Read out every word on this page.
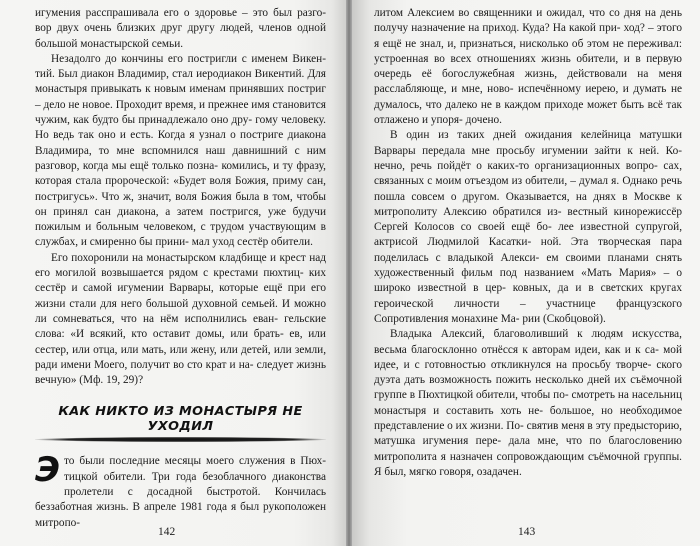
игумения расспрашивала его о здоровье – это был разго- вор двух очень близких друг другу людей, членов одной большой монастырской семьи.

Незадолго до кончины его постригли с именем Викен- тий. Был диакон Владимир, стал иеродиакон Викентий. Для монастыря привыкать к новым именам принявших постриг – дело не новое. Проходит время, и прежнее имя становится чужим, как будто бы принадлежало оно дру- гому человеку. Но ведь так оно и есть. Когда я узнал о постриге диакона Владимира, то мне вспомнился наш давнишний с ним разговор, когда мы ещё только позна- комились, и ту фразу, которая стала пророческой: «Будет воля Божия, приму сан, постригусь». Что ж, значит, воля Божия была в том, чтобы он принял сан диакона, а затем постригся, уже будучи пожилым и больным человеком, с трудом участвующим в службах, и смиренно бы прини- мал уход сестёр обители.

Его похоронили на монастырском кладбище и крест над его могилой возвышается рядом с крестами пюхтиц- ких сестёр и самой игумении Варвары, которые ещё при его жизни стали для него большой духовной семьей. И можно ли сомневаться, что на нём исполнились еван- гельские слова: «И всякий, кто оставит домы, или брать- ев, или сестер, или отца, или мать, или жену, или детей, или земли, ради имени Моего, получит во сто крат и на- следует жизнь вечную» (Мф. 19, 29)?

КАК НИКТО ИЗ МОНАСТЫРЯ НЕ УХОДИЛ

Э то были последние месяцы моего служения в Пюх- тицкой обители. Три года безоблачного диаконства пролетели с досадной быстротой. Кончилась беззаботная жизнь. В апреле 1981 года я был рукоположен митропо-

142

литом Алексием во священники и ожидал, что со дня на день получу назначение на приход. Куда? На какой при- ход? – этого я ещё не знал, и, признаться, нисколько об этом не переживал: устроенная во всех отношениях жизнь обители, и в первую очередь её богослужебная жизнь, действовали на меня расслабляюще, и мне, ново- испечённому иерею, и думать не думалось, что далеко не в каждом приходе может быть всё так отлажено и упоря- дочено.

В один из таких дней ожидания келейница матушки Варвары передала мне просьбу игумении зайти к ней. Ко- нечно, речь пойдёт о каких-то организационных вопро- сах, связанных с моим отъездом из обители, – думал я. Однако речь пошла совсем о другом. Оказывается, на днях в Москве к митрополиту Алексию обратился из- вестный кинорежиссёр Сергей Колосов со своей ещё бо- лее известной супругой, актрисой Людмилой Касатки- ной. Эта творческая пара поделилась с владыкой Алекси- ем своими планами снять художественный фильм под названием «Мать Мария» – о широко известной в цер- ковных, да и в светских кругах героической личности – участнице французского Сопротивления монахине Ма- рии (Скобцовой).

Владыка Алексий, благоволивший к людям искусства, весьма благосклонно отнёсся к авторам идеи, как и к са- мой идее, и с готовностью откликнулся на просьбу творче- ского дуэта дать возможность пожить несколько дней их съёмочной группе в Пюхтицкой обители, чтобы по- смотреть на насельниц монастыря и составить хоть не- большое, но необходимое представление о их жизни. По- святив меня в эту предысторию, матушка игумения пере- дала мне, что по благословению митрополита я назначен сопровождающим съёмочной группы. Я был, мягко говоря, озадачен.

143
